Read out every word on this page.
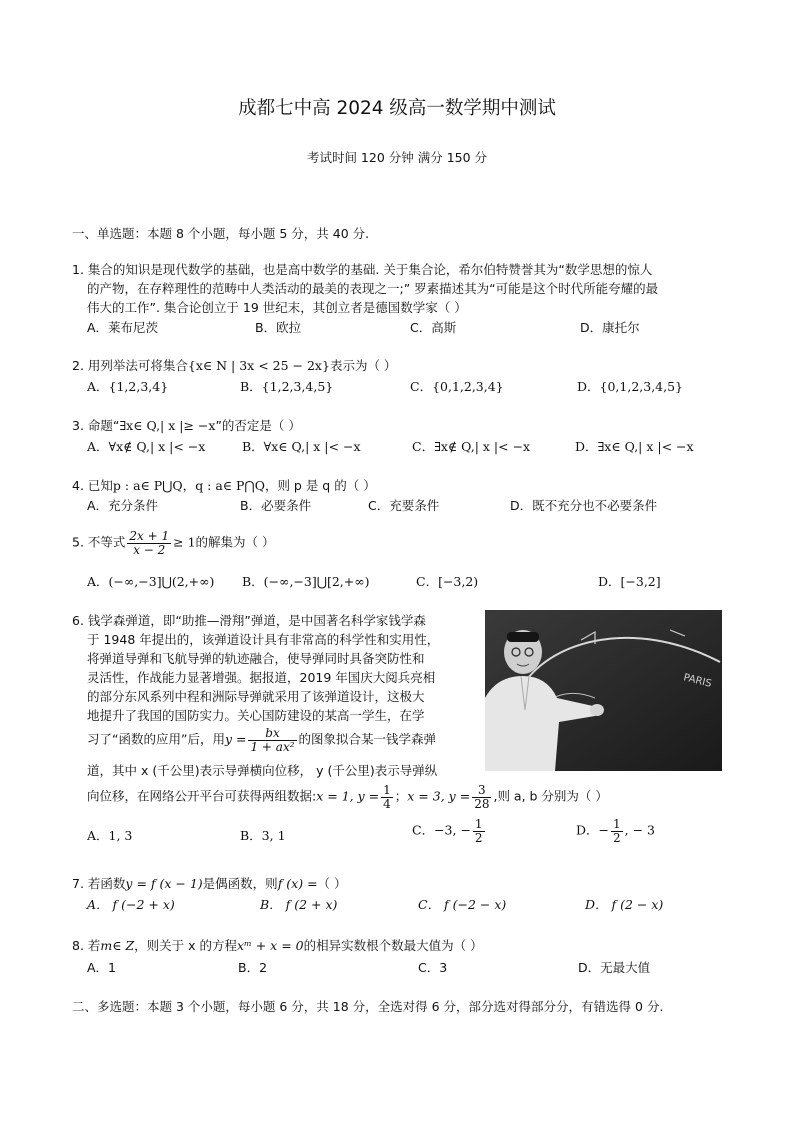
成都七中高 2024 级高一数学期中测试
考试时间 120 分钟 满分 150 分
一、单选题：本题 8 个小题，每小题 5 分，共 40 分.
1. 集合的知识是现代数学的基础，也是高中数学的基础. 关于集合论，希尔伯特赞誉其为“数学思想的惊人
的产物，在存粹理性的范畴中人类活动的最美的表现之一;” 罗素描述其为“可能是这个时代所能夸耀的最
伟大的工作”. 集合论创立于 19 世纪末，其创立者是德国数学家（ ）
A．莱布尼茨	B．欧拉	C．高斯	D．康托尔
2. 用列举法可将集合{x∈ N | 3x < 25 − 2x}表示为（ ）
A．{1,2,3,4}	B．{1,2,3,4,5}	C．{0,1,2,3,4}	D．{0,1,2,3,4,5}
3. 命题“∃x∈ Q,| x |≥ −x”的否定是（ ）
A．∀x∉ Q,| x |< −x	B．∀x∈ Q,| x |< −x	C．∃x∉ Q,| x |< −x	D．∃x∈ Q,| x |< −x
4. 已知p : a∈ P⋃Q，q : a∈ P⋂Q，则 p 是 q 的（ ）
A．充分条件	B．必要条件	C．充要条件	D．既不充分也不必要条件
5. 不等式 $\frac{2x + 1}{x - 2} \ge 1$的解集为（ ）
A．(−∞,−3]⋃(2,+∞) B．(−∞,−3]⋃[2,+∞)	C．[−3,2)	D．[−3,2]
6. 钱学森弹道，即“助推—滑翔”弹道，是中国著名科学家钱学森
于 1948 年提出的，该弹道设计具有非常高的科学性和实用性，
将弹道导弹和飞航导弹的轨迹融合，使导弹同时具备突防性和
灵活性，作战能力显著增强。据报道，2019 年国庆大阅兵亮相
的部分东风系列中程和洲际导弹就采用了该弹道设计，这极大
地提升了我国的国防实力。关心国防建设的某高一学生，在学
习了“函数的应用”后，用$y = \frac{bx}{\text{1 + ax²}}$ 的图象拟合某一钱学森弹
道，其中 x (千公里)表示导弹横向位移， y (千公里)表示导弹纵
向位移，在网络公开平台可获得两组数据:x = 1, $y = \frac{1}{4}$ ；x = 3, $y = \frac{3}{28}$ ,则 a, b 分别为（ ）
A．1, 3	B．3, 1	C．−3, − $\frac{1}{2}$	D．− $\frac{1}{2}$ , − 3
PARIS
7. 若函数y = f (x − 1)是偶函数，则f (x) =（ ）
A． f (−2 + x)	B． f (2 + x)	C． f (−2 − x)	D． f (2 − x)
8. 若m∈ Z，则关于 x 的方程xᵐ + x = 0的相异实数根个数最大值为（ ）
A．1	B．2	C．3	D．无最大值
二、多选题：本题 3 个小题，每小题 6 分，共 18 分，全选对得 6 分，部分选对得部分分，有错选得 0 分.
